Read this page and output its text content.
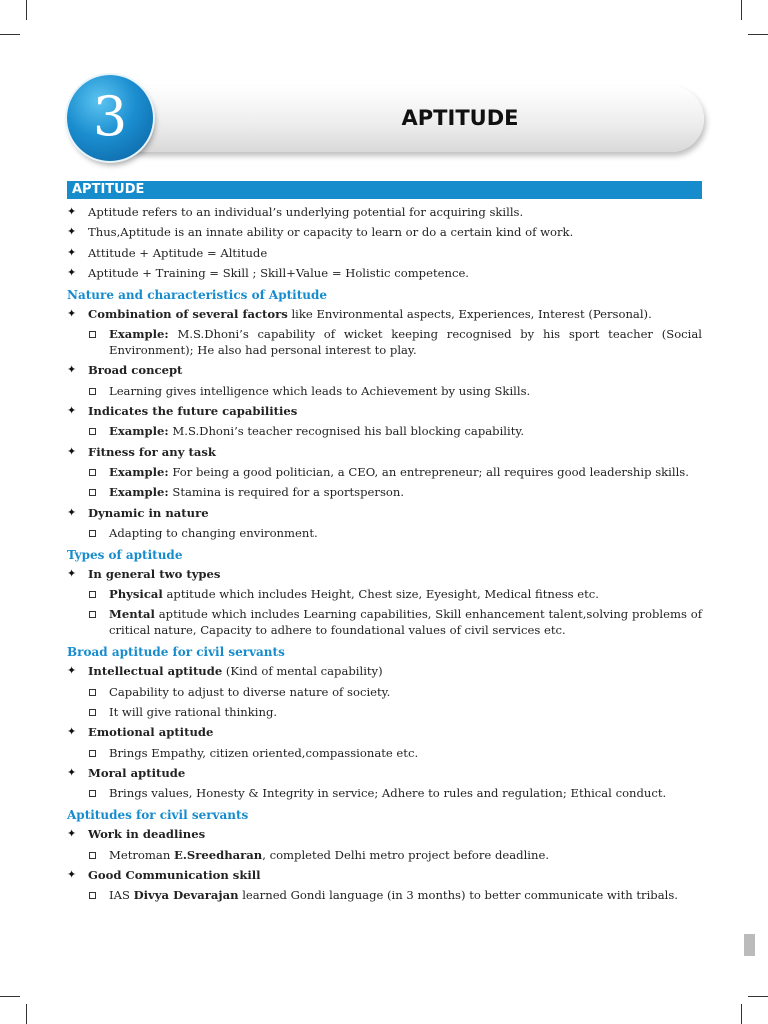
APTITUDE
3
APTITUDE
✦ Aptitude refers to an individual’s underlying potential for acquiring skills.
✦ Thus,Aptitude is an innate ability or capacity to learn or do a certain kind of work.
✦ Attitude + Aptitude = Altitude
✦ Aptitude + Training = Skill ; Skill+Value = Holistic competence.
Nature and characteristics of Aptitude
✦ Combination of several factors like Environmental aspects, Experiences, Interest (Personal).
Example: M.S.Dhoni’s capability of wicket keeping recognised by his sport teacher (Social Environment); He also had personal interest to play.
✦ Broad concept
Learning gives intelligence which leads to Achievement by using Skills.
✦ Indicates the future capabilities
Example: M.S.Dhoni’s teacher recognised his ball blocking capability.
✦ Fitness for any task
Example: For being a good politician, a CEO, an entrepreneur; all requires good leadership skills.
Example: Stamina is required for a sportsperson.
✦ Dynamic in nature
Adapting to changing environment.
Types of aptitude
✦ In general two types
Physical aptitude which includes Height, Chest size, Eyesight, Medical fitness etc.
Mental aptitude which includes Learning capabilities, Skill enhancement talent,solving problems of critical nature, Capacity to adhere to foundational values of civil services etc.
Broad aptitude for civil servants
✦ Intellectual aptitude (Kind of mental capability)
Capability to adjust to diverse nature of society.
It will give rational thinking.
✦ Emotional aptitude
Brings Empathy, citizen oriented,compassionate etc.
✦ Moral aptitude
Brings values, Honesty & Integrity in service; Adhere to rules and regulation; Ethical conduct.
Aptitudes for civil servants
✦ Work in deadlines
Metroman E.Sreedharan, completed Delhi metro project before deadline.
✦ Good Communication skill
IAS Divya Devarajan learned Gondi language (in 3 months) to better communicate with tribals.
